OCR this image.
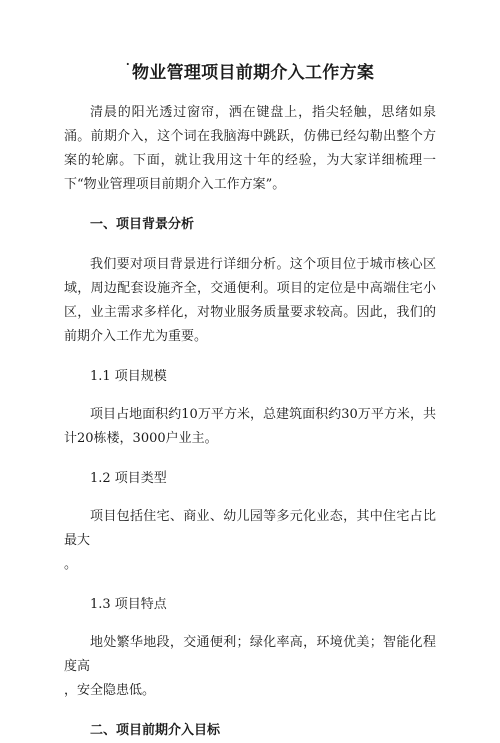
· 物业管理项目前期介入工作方案

清晨的阳光透过窗帘，洒在键盘上，指尖轻触，思绪如泉涌。前期介入，这个词在我脑海中跳跃，仿佛已经勾勒出整个方案的轮廓。下面，就让我用这十年的经验，为大家详细梳理一下“物业管理项目前期介入工作方案”。

一、项目背景分析

我们要对项目背景进行详细分析。这个项目位于城市核心区域，周边配套设施齐全，交通便利。项目的定位是中高端住宅小区，业主需求多样化，对物业服务质量要求较高。因此，我们的前期介入工作尤为重要。

1.1 项目规模

项目占地面积约10万平方米，总建筑面积约30万平方米，共计20栋楼，3000户业主。

1.2 项目类型

项目包括住宅、商业、幼儿园等多元化业态，其中住宅占比最大

。

1.3 项目特点

地处繁华地段，交通便利；绿化率高，环境优美；智能化程度高

，安全隐患低。

二、项目前期介入目标
